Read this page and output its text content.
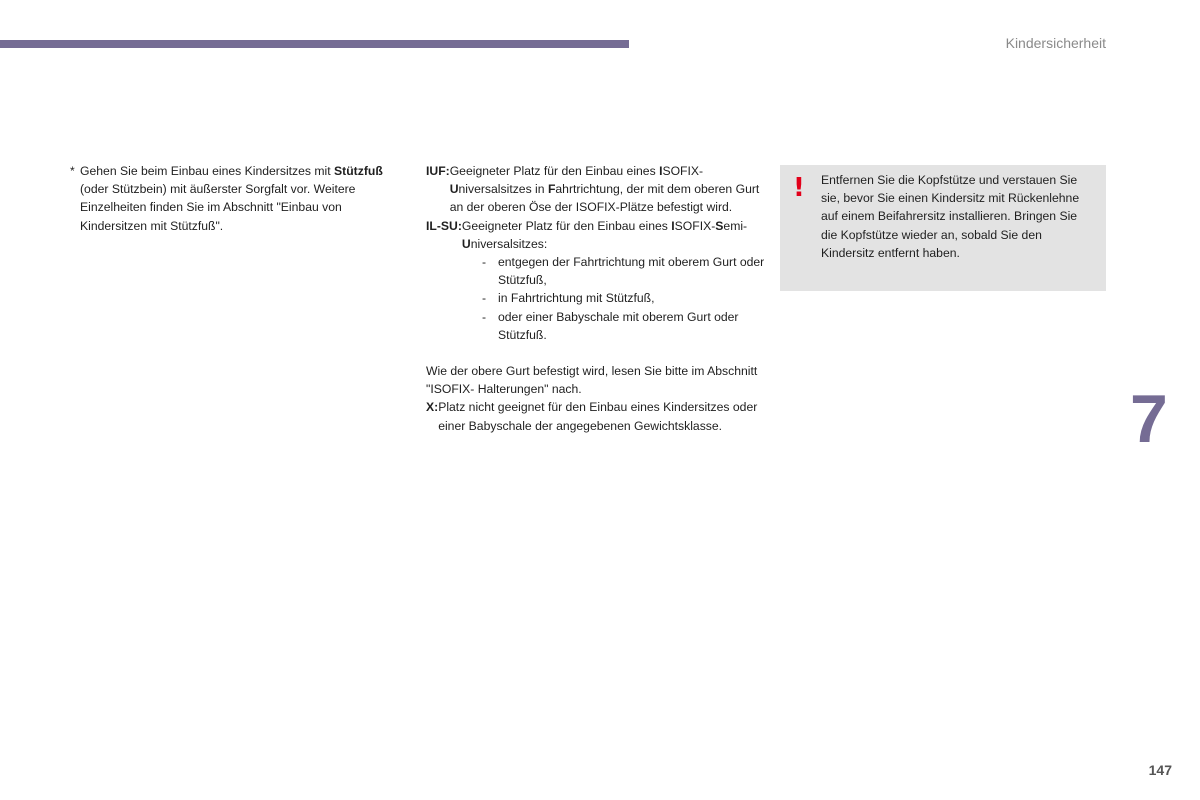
Kindersicherheit
* Gehen Sie beim Einbau eines Kindersitzes mit Stützfuß (oder Stützbein) mit äußerster Sorgfalt vor. Weitere Einzelheiten finden Sie im Abschnitt "Einbau von Kindersitzen mit Stützfuß".
IUF: Geeigneter Platz für den Einbau eines ISOFIX-Universalsitzes in Fahrtrichtung, der mit dem oberen Gurt an der oberen Öse der ISOFIX-Plätze befestigt wird.
IL-SU: Geeigneter Platz für den Einbau eines ISOFIX-Semi-Universalsitzes:
- entgegen der Fahrtrichtung mit oberem Gurt oder Stützfuß,
- in Fahrtrichtung mit Stützfuß,
- oder einer Babyschale mit oberem Gurt oder Stützfuß.
Wie der obere Gurt befestigt wird, lesen Sie bitte im Abschnitt "ISOFIX- Halterungen" nach.
X: Platz nicht geeignet für den Einbau eines Kindersitzes oder einer Babyschale der angegebenen Gewichtsklasse.
! Entfernen Sie die Kopfstütze und verstauen Sie sie, bevor Sie einen Kindersitz mit Rückenlehne auf einem Beifahrersitz installieren. Bringen Sie die Kopfstütze wieder an, sobald Sie den Kindersitz entfernt haben.
7
147
